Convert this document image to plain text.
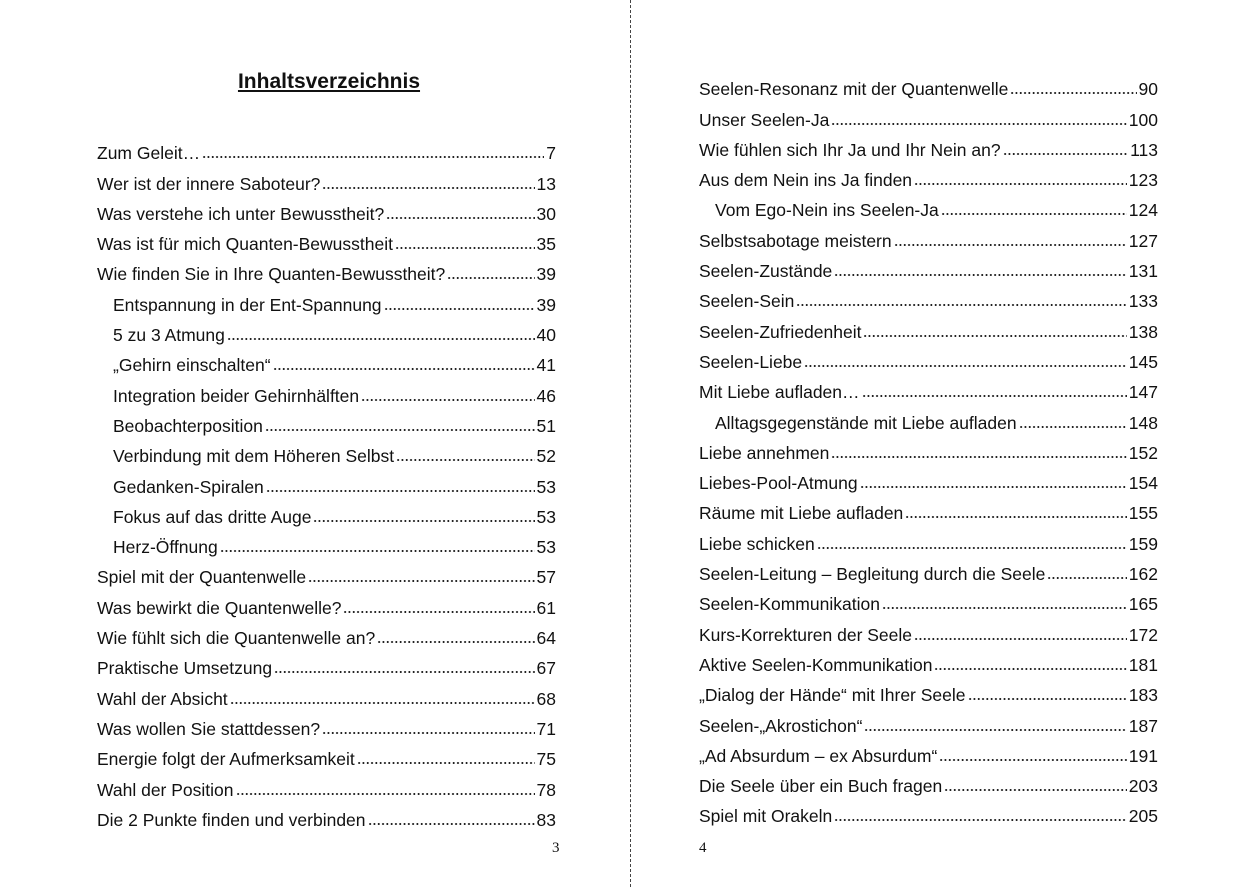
Inhaltsverzeichnis
Zum Geleit…	7
Wer ist der innere Saboteur?	13
Was verstehe ich unter Bewusstheit?	30
Was ist für mich Quanten-Bewusstheit	35
Wie finden Sie in Ihre Quanten-Bewusstheit?	39
Entspannung in der Ent-Spannung	39
5 zu 3 Atmung	40
„Gehirn einschalten“	41
Integration beider Gehirnhälften	46
Beobachterposition	51
Verbindung mit dem Höheren Selbst	52
Gedanken-Spiralen	53
Fokus auf das dritte Auge	53
Herz-Öffnung	53
Spiel mit der Quantenwelle	57
Was bewirkt die Quantenwelle?	61
Wie fühlt sich die Quantenwelle an?	64
Praktische Umsetzung	67
Wahl der Absicht	68
Was wollen Sie stattdessen?	71
Energie folgt der Aufmerksamkeit	75
Wahl der Position	78
Die 2 Punkte finden und verbinden	83
3
Seelen-Resonanz mit der Quantenwelle	90
Unser Seelen-Ja	100
Wie fühlen sich Ihr Ja und Ihr Nein an?	113
Aus dem Nein ins Ja finden	123
Vom Ego-Nein ins Seelen-Ja	124
Selbstsabotage meistern	127
Seelen-Zustände	131
Seelen-Sein	133
Seelen-Zufriedenheit	138
Seelen-Liebe	145
Mit Liebe aufladen…	147
Alltagsgegenstände mit Liebe aufladen	148
Liebe annehmen	152
Liebes-Pool-Atmung	154
Räume mit Liebe aufladen	155
Liebe schicken	159
Seelen-Leitung – Begleitung durch die Seele	162
Seelen-Kommunikation	165
Kurs-Korrekturen der Seele	172
Aktive Seelen-Kommunikation	181
„Dialog der Hände“ mit Ihrer Seele	183
Seelen-„Akrostichon“	187
„Ad Absurdum – ex Absurdum“	191
Die Seele über ein Buch fragen	203
Spiel mit Orakeln	205
4
